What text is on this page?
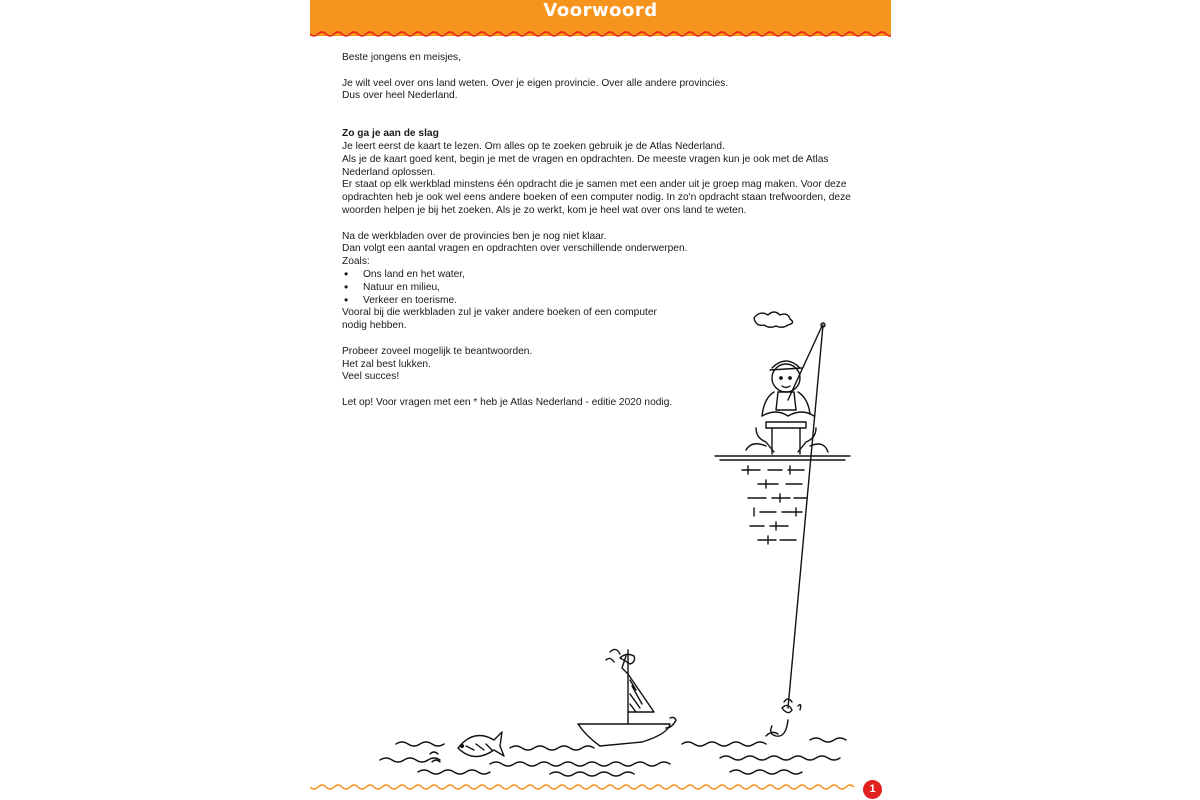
Voorwoord

Beste jongens en meisjes,

Je wilt veel over ons land weten. Over je eigen provincie. Over alle andere provincies.

Dus over heel Nederland.

Zo ga je aan de slag

Je leert eerst de kaart te lezen. Om alles op te zoeken gebruik je de Atlas Nederland.

Als je de kaart goed kent, begin je met de vragen en opdrachten. De meeste vragen kun je ook met de Atlas

Nederland oplossen.

Er staat op elk werkblad minstens één opdracht die je samen met een ander uit je groep mag maken. Voor deze

opdrachten heb je ook wel eens andere boeken of een computer nodig. In zo'n opdracht staan trefwoorden, deze

woorden helpen je bij het zoeken. Als je zo werkt, kom je heel wat over ons land te weten.

Na de werkbladen over de provincies ben je nog niet klaar.

Dan volgt een aantal vragen en opdrachten over verschillende onderwerpen.

Zoals:

• Ons land en het water,
• Natuur en milieu,
• Verkeer en toerisme.

Vooral bij die werkbladen zul je vaker andere boeken of een computer

nodig hebben.

Probeer zoveel mogelijk te beantwoorden.

Het zal best lukken.

Veel succes!

Let op! Voor vragen met een * heb je Atlas Nederland - editie 2020 nodig.

1
